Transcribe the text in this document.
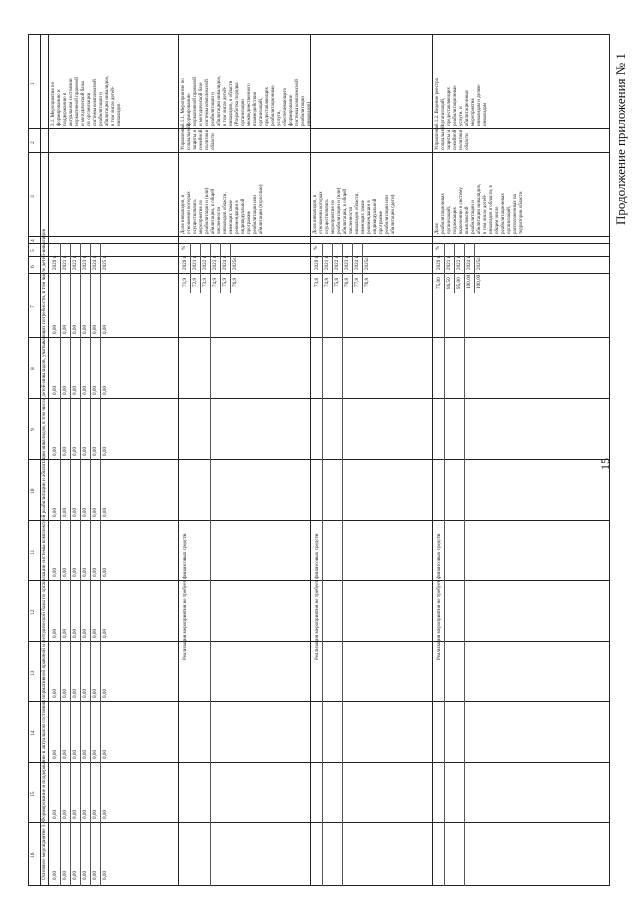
Продолжение приложения № 1
15
1
2
3
4
5
6
7
8
9
10
11
12
13
14
15
16 Основное мероприятие 3. Формирование и поддержание в актуальном состоянии нормативной правовой и методической базы по организации системы комплексной реабилитации и абилитации инвалидов, в том числе детей-инвалидов, учитывающих потребности, в том числе детей-инвалидов
3.1. Мероприятия по формированию и поддержанию в актуальном состоянии нормативной правовой и методической базы по организации системы комплексной реабилитации и абилитации инвалидов, в том числе детей- инвалидов
2020 г. 2021 г. 2022 г. 2023 г. 2024 г. 2025 г.
0,00 0,00 0,00 0,00 0,00 0,00
0,00 0,00 0,00 0,00 0,00 0,00
0,00 0,00 0,00 0,00 0,00 0,00
0,00 0,00 0,00 0,00 0,00 0,00
0,00 0,00 0,00 0,00 0,00 0,00
0,00 0,00 0,00 0,00 0,00 0,00
0,00 0,00 0,00 0,00 0,00 0,00
0,00 0,00 0,00 0,00 0,00 0,00
0,00 0,00 0,00 0,00 0,00 0,00
0,00 0,00 0,00 0,00 0,00 0,00
3.1.1. Мероприятие по формированию нормативной правовой и методической базе системы комплексной реабилитации и абилитации инвалидов, в том числе детей- инвалидов, в области (Разработка порядка организации межведомственного взаимодействия организаций, предоставляющих реабилитационные услуги, обеспечивающего формирование системы комплексной реабилитации инвалидов)
Управление социальной защиты и семейной политики области
Доля инвалидов, в отношении которых осуществлялись мероприятия по реабилитации и (или) абилитации, в общей численности инвалидов области, имеющих такие рекомендации в индивидуальной программе реабилитации или абилитации (взрослые)
%
2020 г. 2021 г. 2022 г. 2023 г. 2024 г. 2025г.
71,9 72,9 73,9 74,9 75,9 76,9
Реализация мероприятия не требует финансовых средств
Доля инвалидов, в отношении которых осуществлялись мероприятия по реабилитации и (или) абилитации, в общей численности инвалидов области, имеющих такие рекомендации в индивидуальной программе реабилитации или абилитации (дети)
%
2020 г. 2021 г. 2022 г. 2023 г. 2024 г. 2025г.
73,8 74,8 75,8 76,8 77,8 78,8
Реализация мероприятия не требует финансовых средств
3.1.2. Ведение реестра организаций, предоставляющих реабилитационные услуги, и абилитационные мероприятия инвалидам и детям- инвалидам
Управление социальной защиты и семейной политики области
Доля реабилитационных организаций, подлежащих включению в систему комплексной реабилитации и абилитации инвалидов, в том числе детей- инвалидов в области, в общем числе реабилитационных организаций, расположенных на территории области
%
2020 г. 2021 г. 2022 г. 2024 г. 2025г.
75,00 86,50 95,00 100,00 100,00
Реализация мероприятия не требует финансовых средств
